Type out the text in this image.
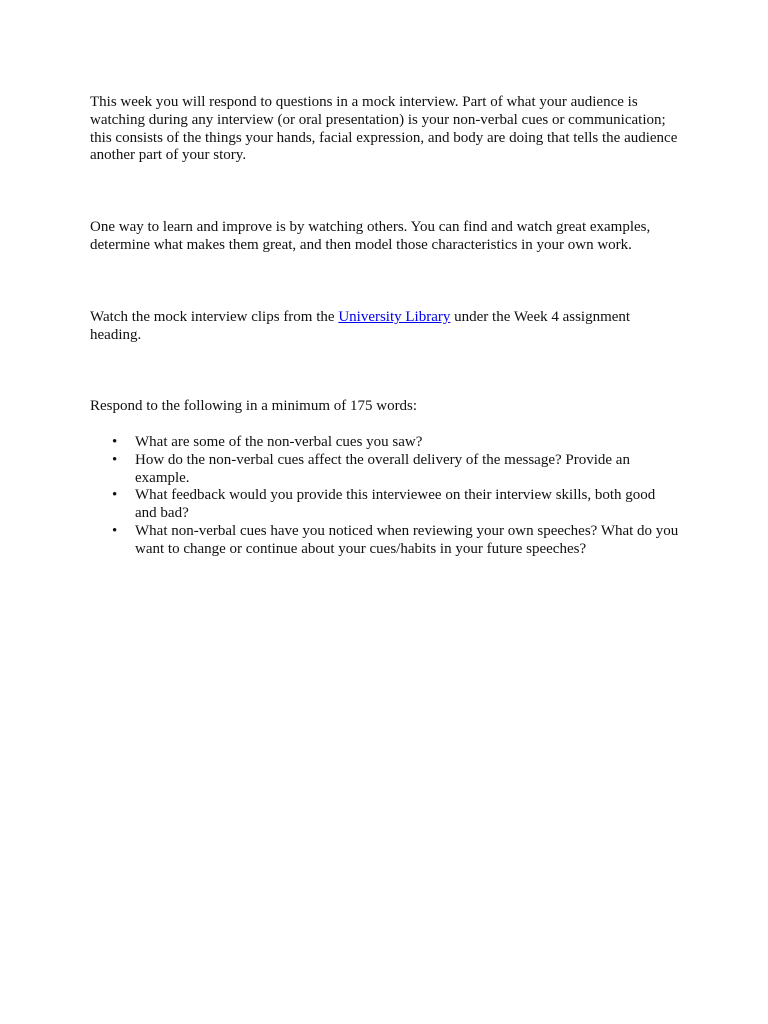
This week you will respond to questions in a mock interview. Part of what your audience is watching during any interview (or oral presentation) is your non-verbal cues or communication; this consists of the things your hands, facial expression, and body are doing that tells the audience another part of your story.

One way to learn and improve is by watching others. You can find and watch great examples, determine what makes them great, and then model those characteristics in your own work.

Watch the mock interview clips from the University Library under the Week 4 assignment heading.

Respond to the following in a minimum of 175 words:

• What are some of the non-verbal cues you saw?
• How do the non-verbal cues affect the overall delivery of the message? Provide an example.
• What feedback would you provide this interviewee on their interview skills, both good and bad?
• What non-verbal cues have you noticed when reviewing your own speeches? What do you want to change or continue about your cues/habits in your future speeches?
